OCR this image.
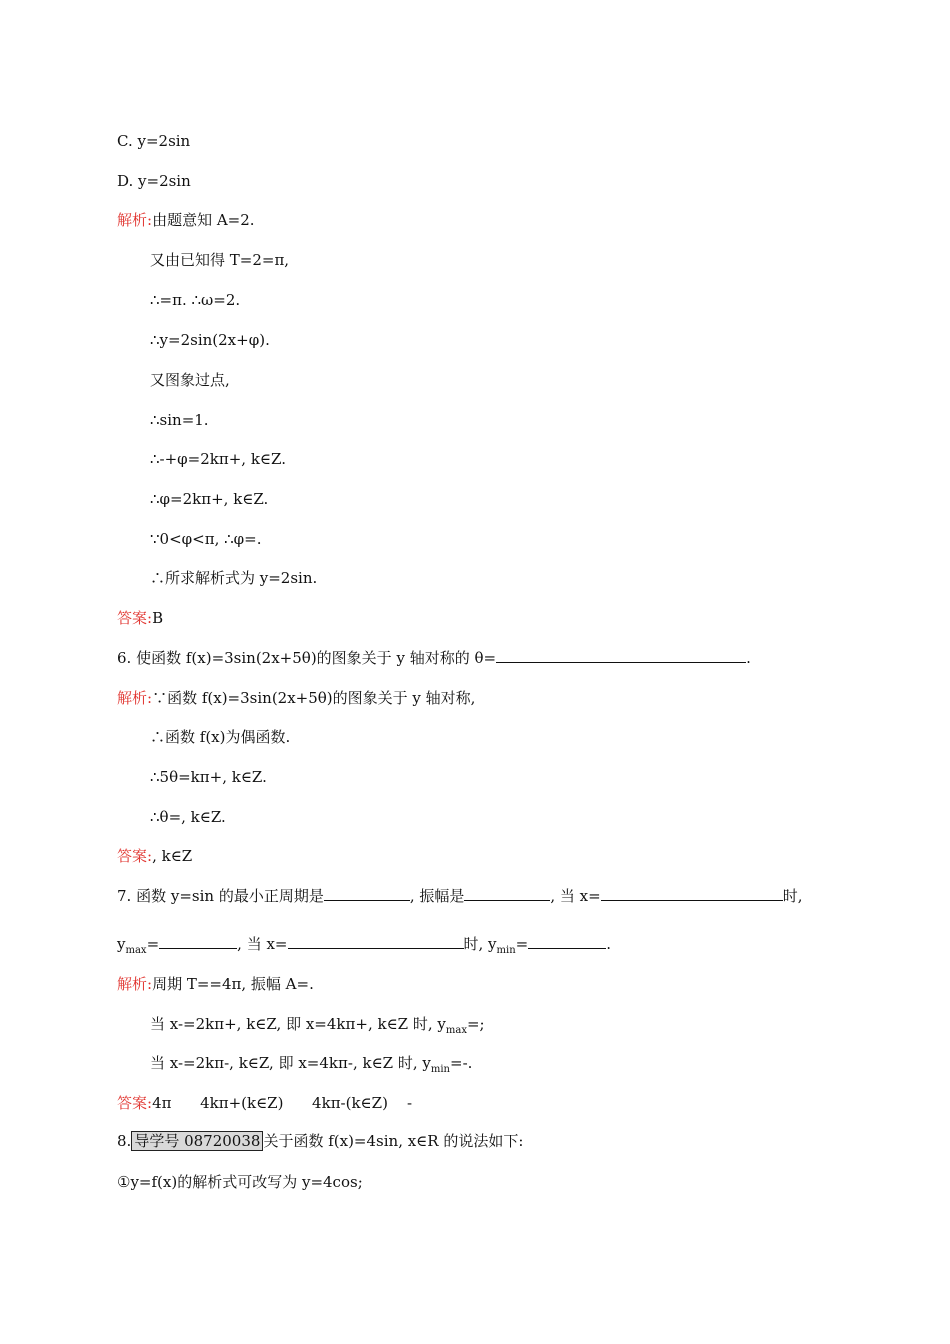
C. y=2sin
D. y=2sin
解析:由题意知 A=2.
又由已知得 T=2=π,
∴=π. ∴ω=2.
∴y=2sin(2x+φ).
又图象过点,
∴sin=1.
∴-+φ=2kπ+, k∈Z.
∴φ=2kπ+, k∈Z.
∵0<φ<π, ∴φ=.
∴所求解析式为 y=2sin.
答案:B
6. 使函数 f(x)=3sin(2x+5θ)的图象关于 y 轴对称的 θ=	.
解析:∵函数 f(x)=3sin(2x+5θ)的图象关于 y 轴对称,
∴函数 f(x)为偶函数.
∴5θ=kπ+, k∈Z.
∴θ=, k∈Z.
答案:, k∈Z
7. 函数 y=sin 的最小正周期是	, 振幅是	, 当 x=	时,
$y_{max}=$	, 当 x=	时, $y_{min}=$	.
解析:周期 T==4π, 振幅 A=.
当 x-=2kπ+, k∈Z, 即 x=4kπ+, k∈Z 时, $y_{max}=$;
当 x-=2kπ-, k∈Z, 即 x=4kπ-, k∈Z 时, $y_{min}=-$.
答案:4π      4kπ+(k∈Z)      4kπ-(k∈Z)    -
8. 导学号 08720038 关于函数 f(x)=4sin, x∈R 的说法如下:
①y=f(x)的解析式可改写为 y=4cos;
